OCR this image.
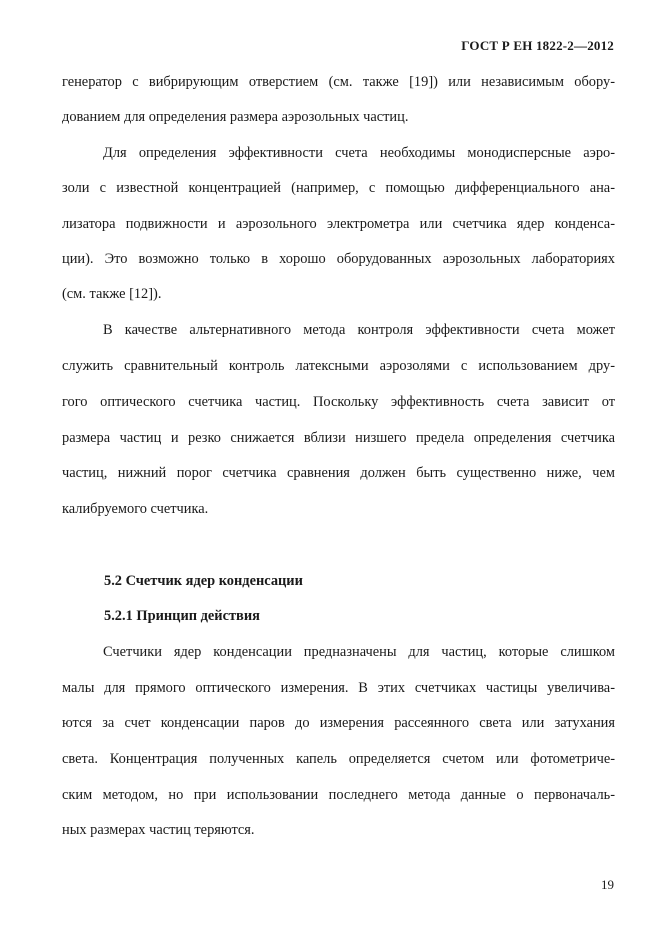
ГОСТ Р ЕН 1822-2—2012
генератор с вибрирующим отверстием (см. также [19]) или независимым обору-
дованием для определения размера аэрозольных частиц.
Для определения эффективности счета необходимы монодисперсные аэро-
золи с известной концентрацией (например, с помощью дифференциального ана-
лизатора подвижности и аэрозольного электрометра или счетчика ядер конденса-
ции). Это возможно только в хорошо оборудованных аэрозольных лабораториях
(см. также [12]).
В качестве альтернативного метода контроля эффективности счета может
служить сравнительный контроль латексными аэрозолями с использованием дру-
гого оптического счетчика частиц. Поскольку эффективность счета зависит от
размера частиц и резко снижается вблизи низшего предела определения счетчика
частиц, нижний порог счетчика сравнения должен быть существенно ниже, чем
калибруемого счетчика.
5.2 Счетчик ядер конденсации
5.2.1 Принцип действия
Счетчики ядер конденсации предназначены для частиц, которые слишком
малы для прямого оптического измерения. В этих счетчиках частицы увеличива-
ются за счет конденсации паров до измерения рассеянного света или затухания
света. Концентрация полученных капель определяется счетом или фотометриче-
ским методом, но при использовании последнего метода данные о первоначаль-
ных размерах частиц теряются.
19
